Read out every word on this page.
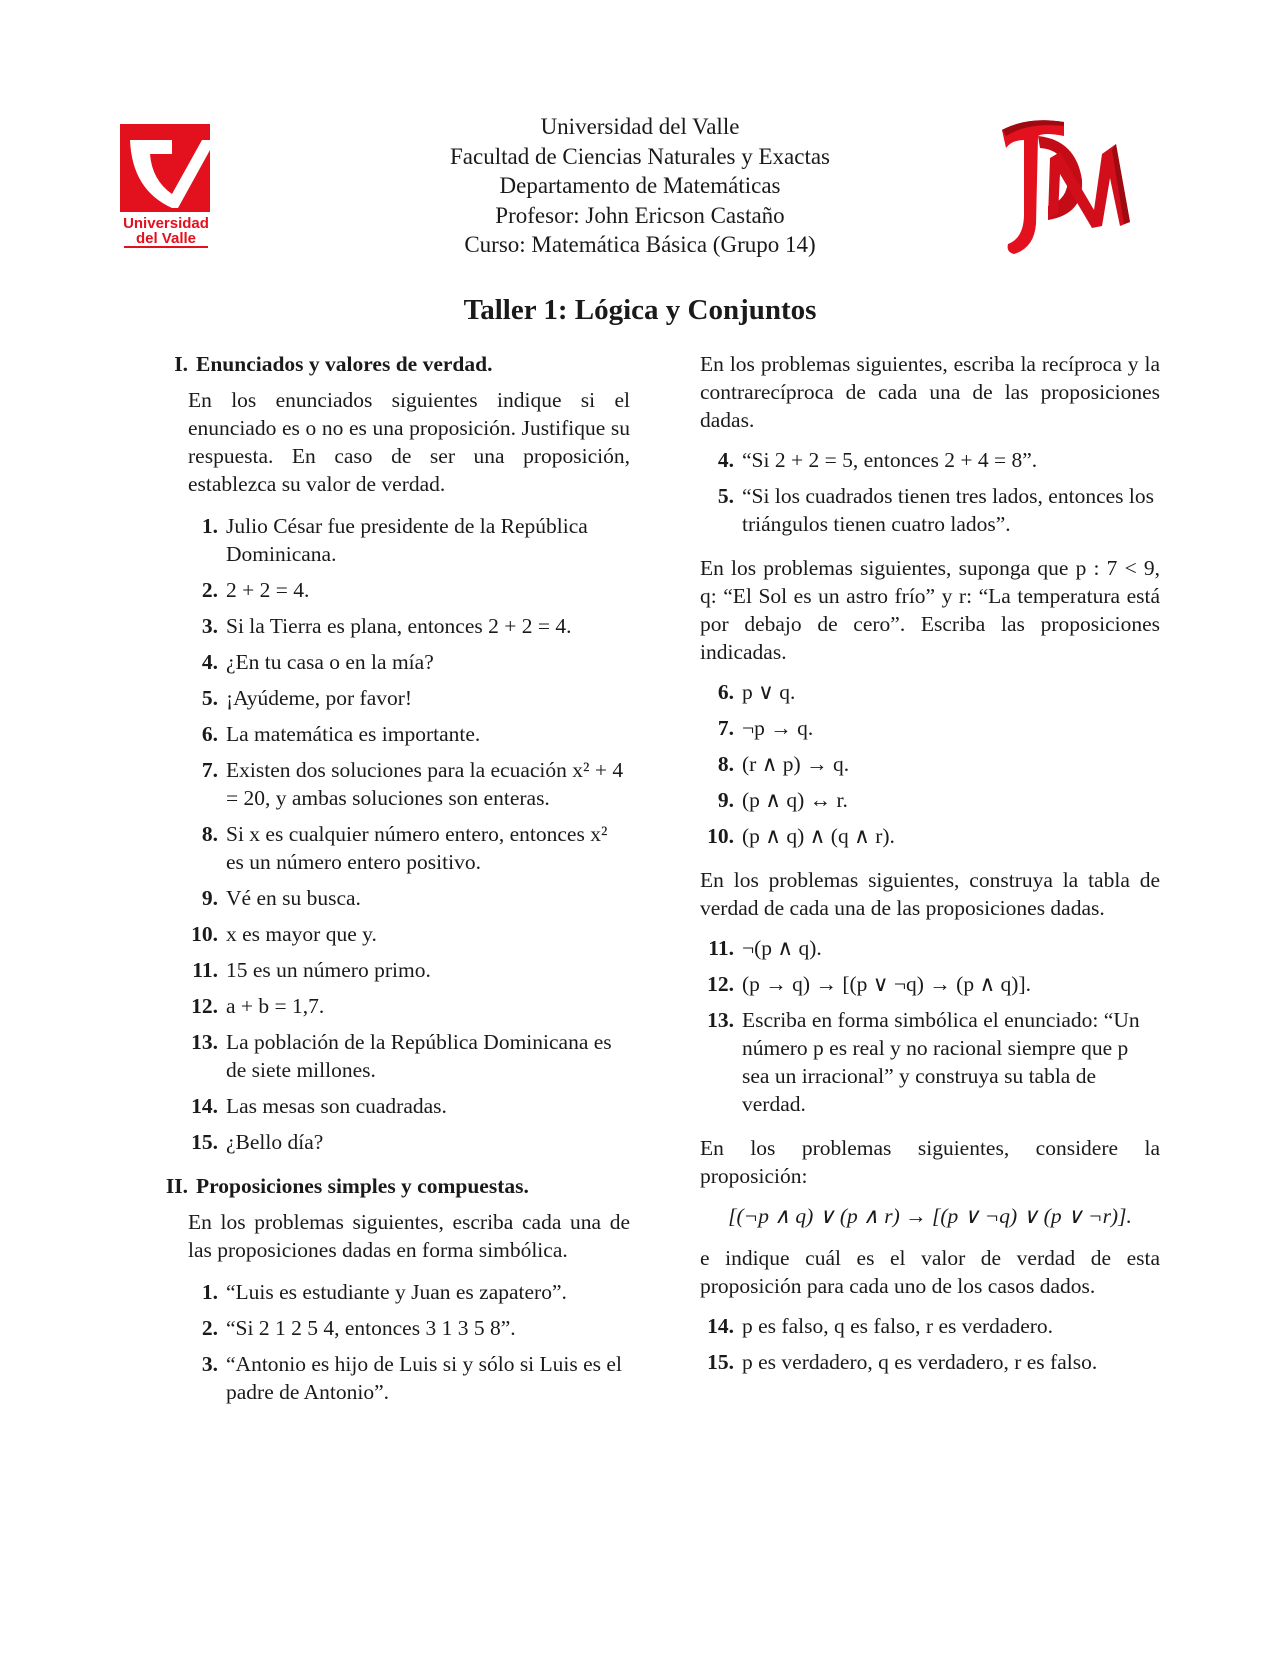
Universidad
del Valle
Universidad del Valle
Facultad de Ciencias Naturales y Exactas
Departamento de Matemáticas
Profesor: John Ericson Castaño
Curso: Matemática Básica (Grupo 14)
Taller 1: Lógica y Conjuntos
I. Enunciados y valores de verdad.

En los enunciados siguientes indique si el enunciado es o no es una proposición. Justifique su respuesta. En caso de ser una proposición, establezca su valor de verdad.

1. Julio César fue presidente de la República Dominicana.
2. 2 + 2 = 4.
3. Si la Tierra es plana, entonces 2 + 2 = 4.
4. ¿En tu casa o en la mía?
5. ¡Ayúdeme, por favor!
6. La matemática es importante.
7. Existen dos soluciones para la ecuación x² + 4 = 20, y ambas soluciones son enteras.
8. Si x es cualquier número entero, entonces x² es un número entero positivo.
9. Vé en su busca.
10. x es mayor que y.
11. 15 es un número primo.
12. a + b = 1,7.
13. La población de la República Dominicana es de siete millones.
14. Las mesas son cuadradas.
15. ¿Bello día?
II. Proposiciones simples y compuestas.

En los problemas siguientes, escriba cada una de las proposiciones dadas en forma simbólica.

1. “Luis es estudiante y Juan es zapatero”.
2. “Si 2 1 2 5 4, entonces 3 1 3 5 8”.
3. “Antonio es hijo de Luis si y sólo si Luis es el padre de Antonio”.

En los problemas siguientes, escriba la recíproca y la contrarecíproca de cada una de las proposiciones dadas.

4. “Si 2 + 2 = 5, entonces 2 + 4 = 8”.
5. “Si los cuadrados tienen tres lados, entonces los triángulos tienen cuatro lados”.

En los problemas siguientes, suponga que p : 7 < 9, q: “El Sol es un astro frío” y r: “La temperatura está por debajo de cero”. Escriba las proposiciones indicadas.

6. p ∨ q.
7. ¬p → q.
8. (r ∧ p) → q.
9. (p ∧ q) ↔ r.
10. (p ∧ q) ∧ (q ∧ r).

En los problemas siguientes, construya la tabla de verdad de cada una de las proposiciones dadas.

11. ¬(p ∧ q).
12. (p → q) → [(p ∨ ¬q) → (p ∧ q)].
13. Escriba en forma simbólica el enunciado: “Un número p es real y no racional siempre que p sea un irracional” y construya su tabla de verdad.

En los problemas siguientes, considere la proposición:

[(¬p ∧ q) ∨ (p ∧ r) → [(p ∨ ¬q) ∨ (p ∨ ¬r)].

e indique cuál es el valor de verdad de esta proposición para cada uno de los casos dados.

14. p es falso, q es falso, r es verdadero.
15. p es verdadero, q es verdadero, r es falso.
